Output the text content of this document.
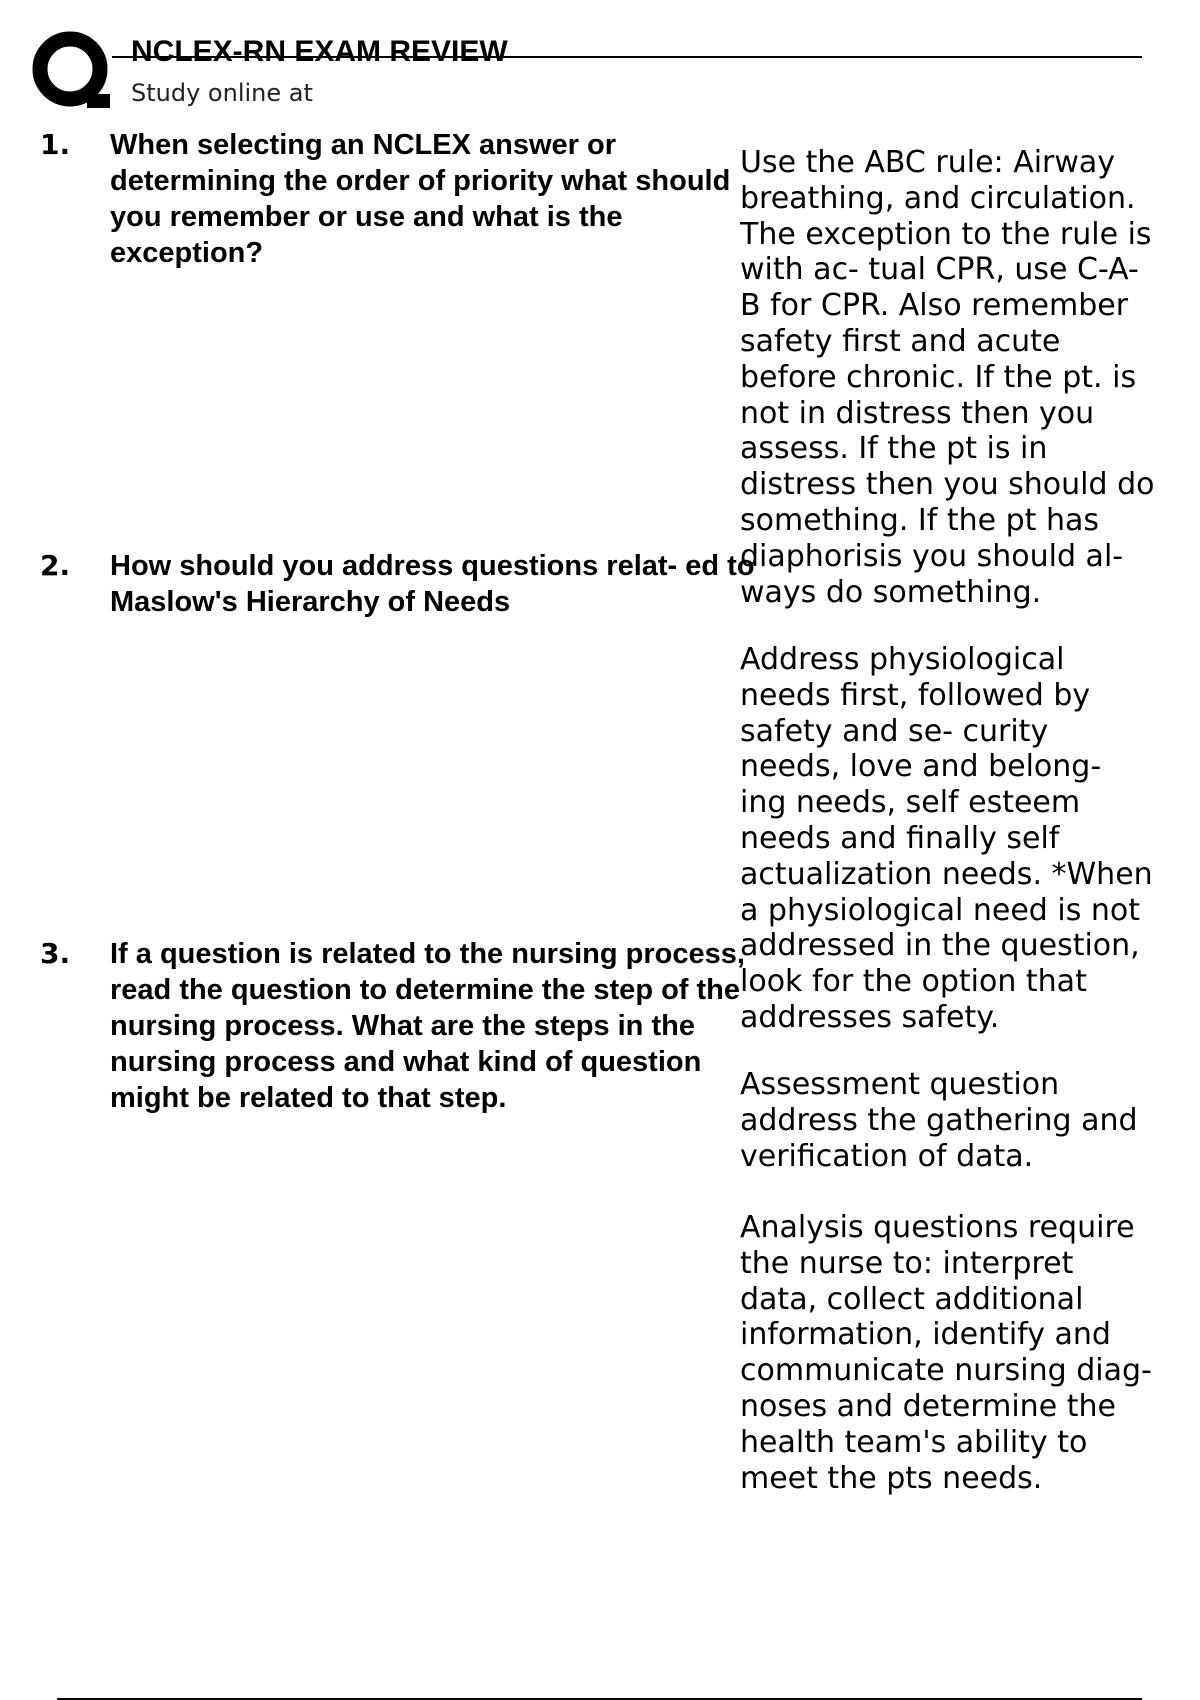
NCLEX-RN EXAM REVIEW

Study online at

1. When selecting an NCLEX answer or determining the order of priority what should you remember or use and what is the exception?

Use the ABC rule: Airway
breathing, and circulation.
The exception to the rule is
with ac- tual CPR, use C-A-
B for CPR. Also remember
safety first and acute
before chronic. If the pt. is
not in distress then you
assess. If the pt is in
distress then you should do
something. If the pt has
diaphorisis you should al-
ways do something.

2. How should you address questions relat- ed to Maslow's Hierarchy of Needs

Address physiological
needs first, followed by
safety and se- curity
needs, love and belong-
ing needs, self esteem
needs and finally self
actualization needs. *When
a physiological need is not
addressed in the question,
look for the option that
addresses safety.

3. If a question is related to the nursing process, read the question to determine the step of the nursing process. What are the steps in the nursing process and what kind of question might be related to that step.	Assessment question
address the gathering and
verification of data.

Analysis questions require
the nurse to: interpret
data, collect additional
information, identify and
communicate nursing diag-
noses and determine the
health team's ability to
meet the pts needs.
